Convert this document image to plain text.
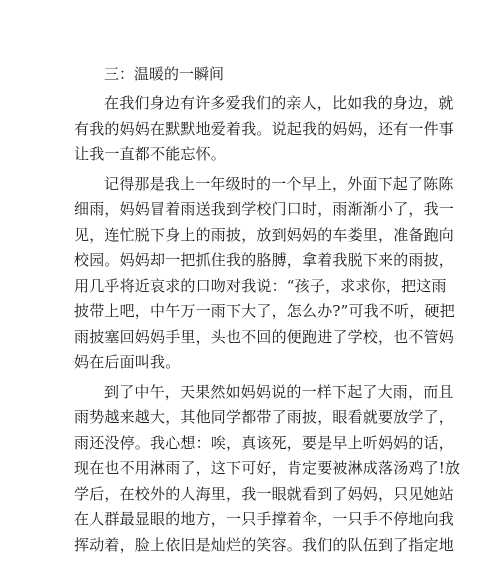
三：温暖的一瞬间
在我们身边有许多爱我们的亲人，比如我的身边，就
有我的妈妈在默默地爱着我。说起我的妈妈，还有一件事
让我一直都不能忘怀。
记得那是我上一年级时的一个早上，外面下起了陈陈
细雨，妈妈冒着雨送我到学校门口时，雨渐渐小了，我一
见，连忙脱下身上的雨披，放到妈妈的车娄里，准备跑向
校园。妈妈却一把抓住我的胳膊，拿着我脱下来的雨披，
用几乎将近哀求的口吻对我说：“孩子，求求你，把这雨
披带上吧，中午万一雨下大了，怎么办?”可我不听，硬把
雨披塞回妈妈手里，头也不回的便跑进了学校，也不管妈
妈在后面叫我。
到了中午，天果然如妈妈说的一样下起了大雨，而且
雨势越来越大，其他同学都带了雨披，眼看就要放学了，
雨还没停。我心想：唉，真该死，要是早上听妈妈的话，
现在也不用淋雨了，这下可好，肯定要被淋成落汤鸡了!放
学后，在校外的人海里，我一眼就看到了妈妈，只见她站
在人群最显眼的地方，一只手撑着伞，一只手不停地向我
挥动着，脸上依旧是灿烂的笑容。我们的队伍到了指定地
